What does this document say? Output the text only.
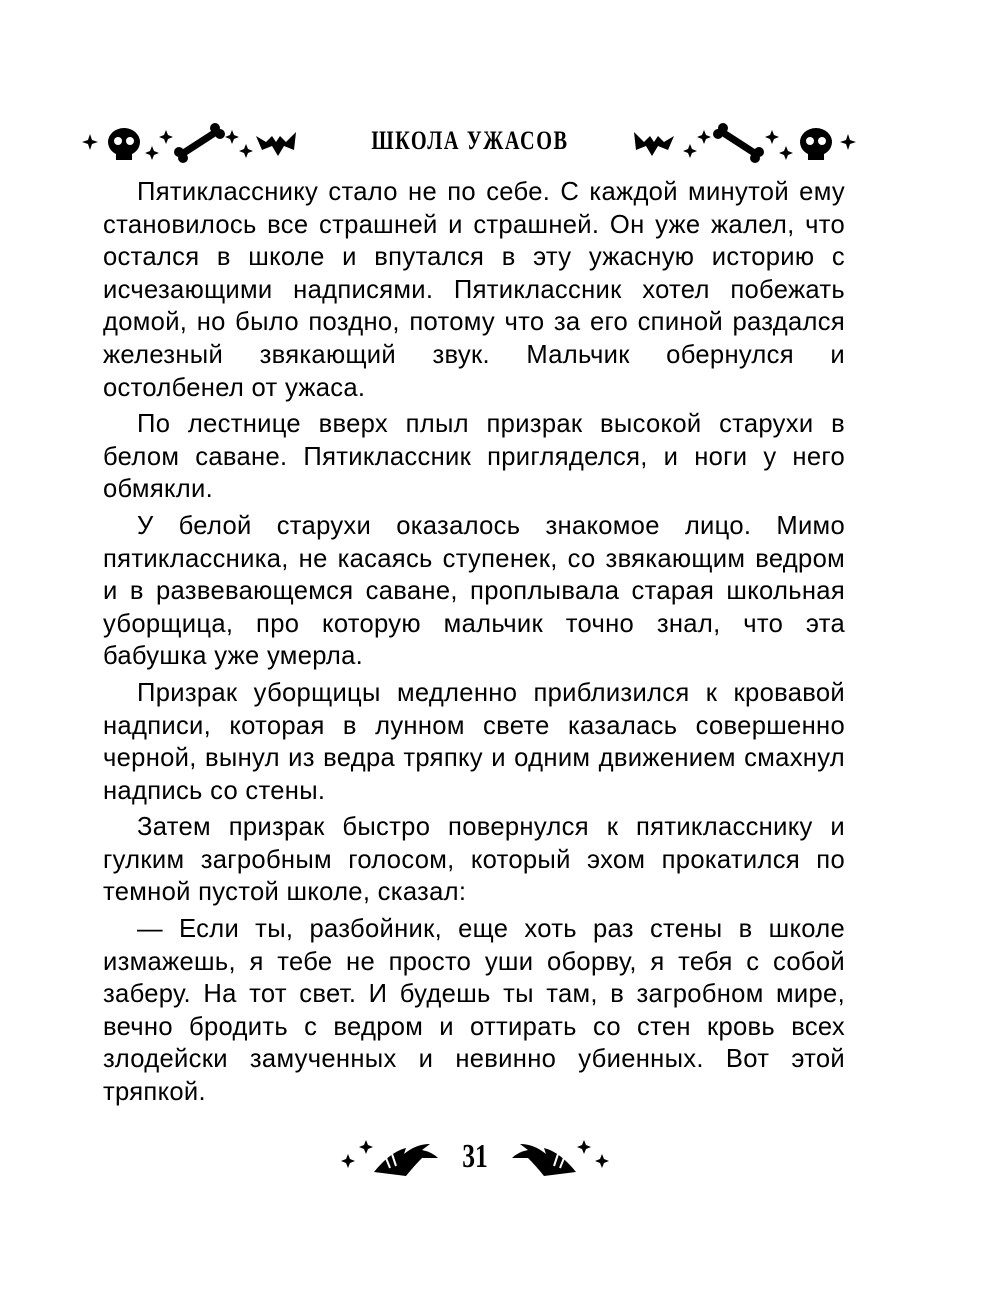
ШКОЛА УЖАСОВ

Пятикласснику стало не по себе. С каждой минутой ему становилось все страшней и страшней. Он уже жалел, что остался в школе и впутался в эту ужасную историю с исчезающими надписями. Пятиклассник хотел побежать домой, но было поздно, потому что за его спиной раздался железный звякающий звук. Мальчик обернулся и остолбенел от ужаса.

По лестнице вверх плыл призрак высокой старухи в белом саване. Пятиклассник пригляделся, и ноги у него обмякли.

У белой старухи оказалось знакомое лицо. Мимо пятиклассника, не касаясь ступенек, со звякающим ведром и в развевающемся саване, проплывала старая школьная уборщица, про которую мальчик точно знал, что эта бабушка уже умерла.

Призрак уборщицы медленно приблизился к кровавой надписи, которая в лунном свете казалась совершенно черной, вынул из ведра тряпку и одним движением смахнул надпись со стены.

Затем призрак быстро повернулся к пятикласснику и гулким загробным голосом, который эхом прокатился по темной пустой школе, сказал:

— Если ты, разбойник, еще хоть раз стены в школе измажешь, я тебе не просто уши оборву, я тебя с собой заберу. На тот свет. И будешь ты там, в загробном мире, вечно бродить с ведром и оттирать со стен кровь всех злодейски замученных и невинно убиенных. Вот этой тряпкой.

31
